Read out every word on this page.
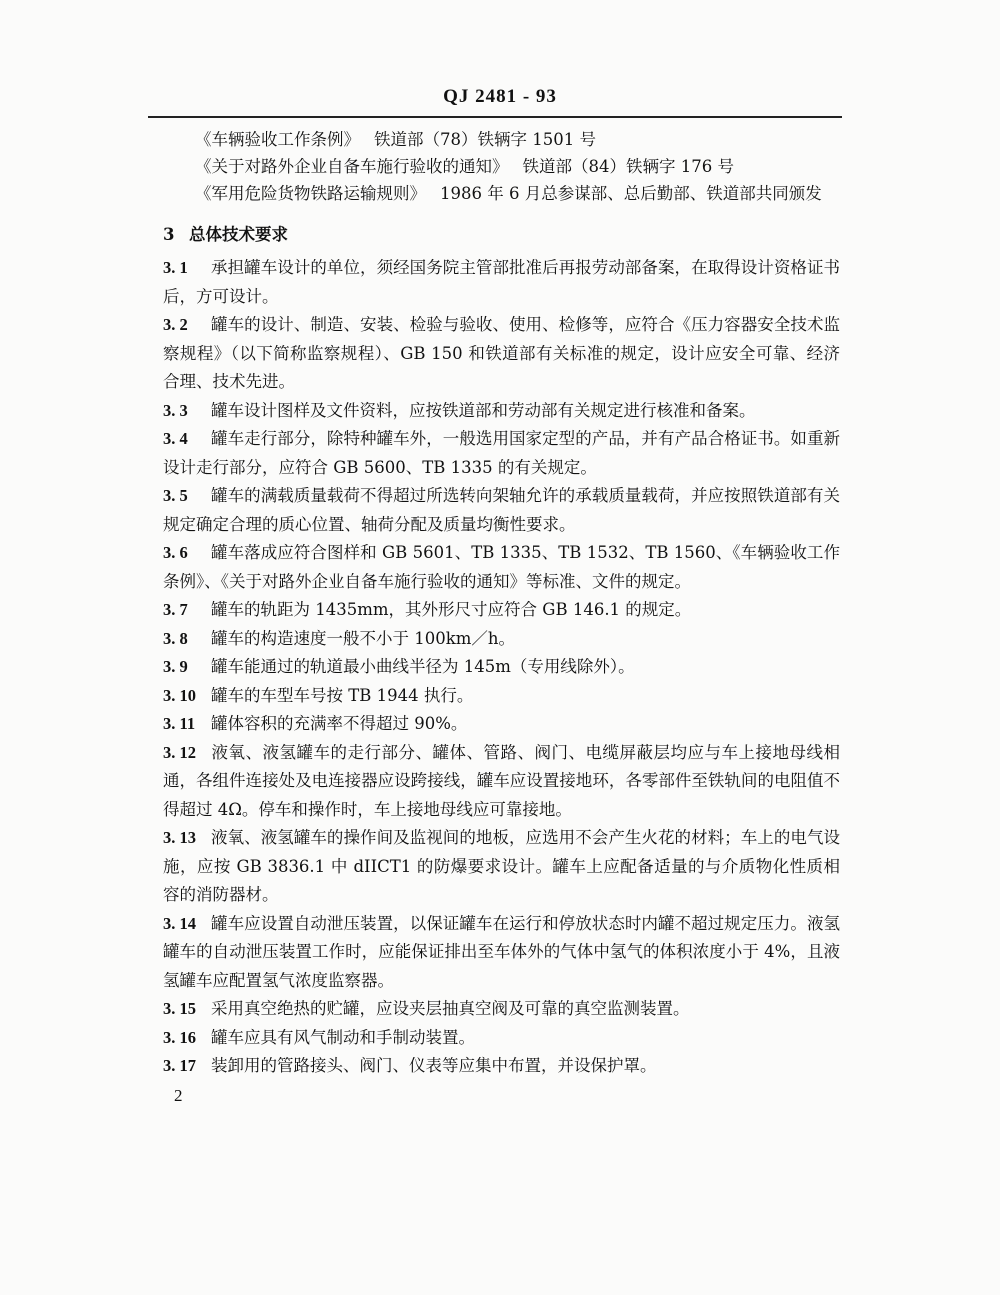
QJ 2481 - 93
《车辆验收工作条例》 铁道部（78）铁辆字 1501 号
《关于对路外企业自备车施行验收的通知》 铁道部（84）铁辆字 176 号
《军用危险货物铁路运输规则》 1986 年 6 月总参谋部、总后勤部、铁道部共同颁发
3 总体技术要求
3. 1 承担罐车设计的单位，须经国务院主管部批准后再报劳动部备案，在取得设计资格证书后，方可设计。
3. 2 罐车的设计、制造、安装、检验与验收、使用、检修等，应符合《压力容器安全技术监察规程》（以下简称监察规程）、GB 150 和铁道部有关标准的规定，设计应安全可靠、经济合理、技术先进。
3. 3 罐车设计图样及文件资料，应按铁道部和劳动部有关规定进行核准和备案。
3. 4 罐车走行部分，除特种罐车外，一般选用国家定型的产品，并有产品合格证书。如重新设计走行部分，应符合 GB 5600、TB 1335 的有关规定。
3. 5 罐车的满载质量载荷不得超过所选转向架轴允许的承载质量载荷，并应按照铁道部有关规定确定合理的质心位置、轴荷分配及质量均衡性要求。
3. 6 罐车落成应符合图样和 GB 5601、TB 1335、TB 1532、TB 1560、《车辆验收工作条例》、《关于对路外企业自备车施行验收的通知》等标准、文件的规定。
3. 7 罐车的轨距为 1435mm，其外形尺寸应符合 GB 146.1 的规定。
3. 8 罐车的构造速度一般不小于 100km／h。
3. 9 罐车能通过的轨道最小曲线半径为 145m（专用线除外）。
3. 10 罐车的车型车号按 TB 1944 执行。
3. 11 罐体容积的充满率不得超过 90%。
3. 12 液氧、液氢罐车的走行部分、罐体、管路、阀门、电缆屏蔽层均应与车上接地母线相通，各组件连接处及电连接器应设跨接线，罐车应设置接地环，各零部件至铁轨间的电阻值不得超过 4Ω。停车和操作时，车上接地母线应可靠接地。
3. 13 液氧、液氢罐车的操作间及监视间的地板，应选用不会产生火花的材料；车上的电气设施，应按 GB 3836.1 中 dIICT1 的防爆要求设计。罐车上应配备适量的与介质物化性质相容的消防器材。
3. 14 罐车应设置自动泄压装置，以保证罐车在运行和停放状态时内罐不超过规定压力。液氢罐车的自动泄压装置工作时，应能保证排出至车体外的气体中氢气的体积浓度小于 4%，且液氢罐车应配置氢气浓度监察器。
3. 15 采用真空绝热的贮罐，应设夹层抽真空阀及可靠的真空监测装置。
3. 16 罐车应具有风气制动和手制动装置。
3. 17 装卸用的管路接头、阀门、仪表等应集中布置，并设保护罩。
2
